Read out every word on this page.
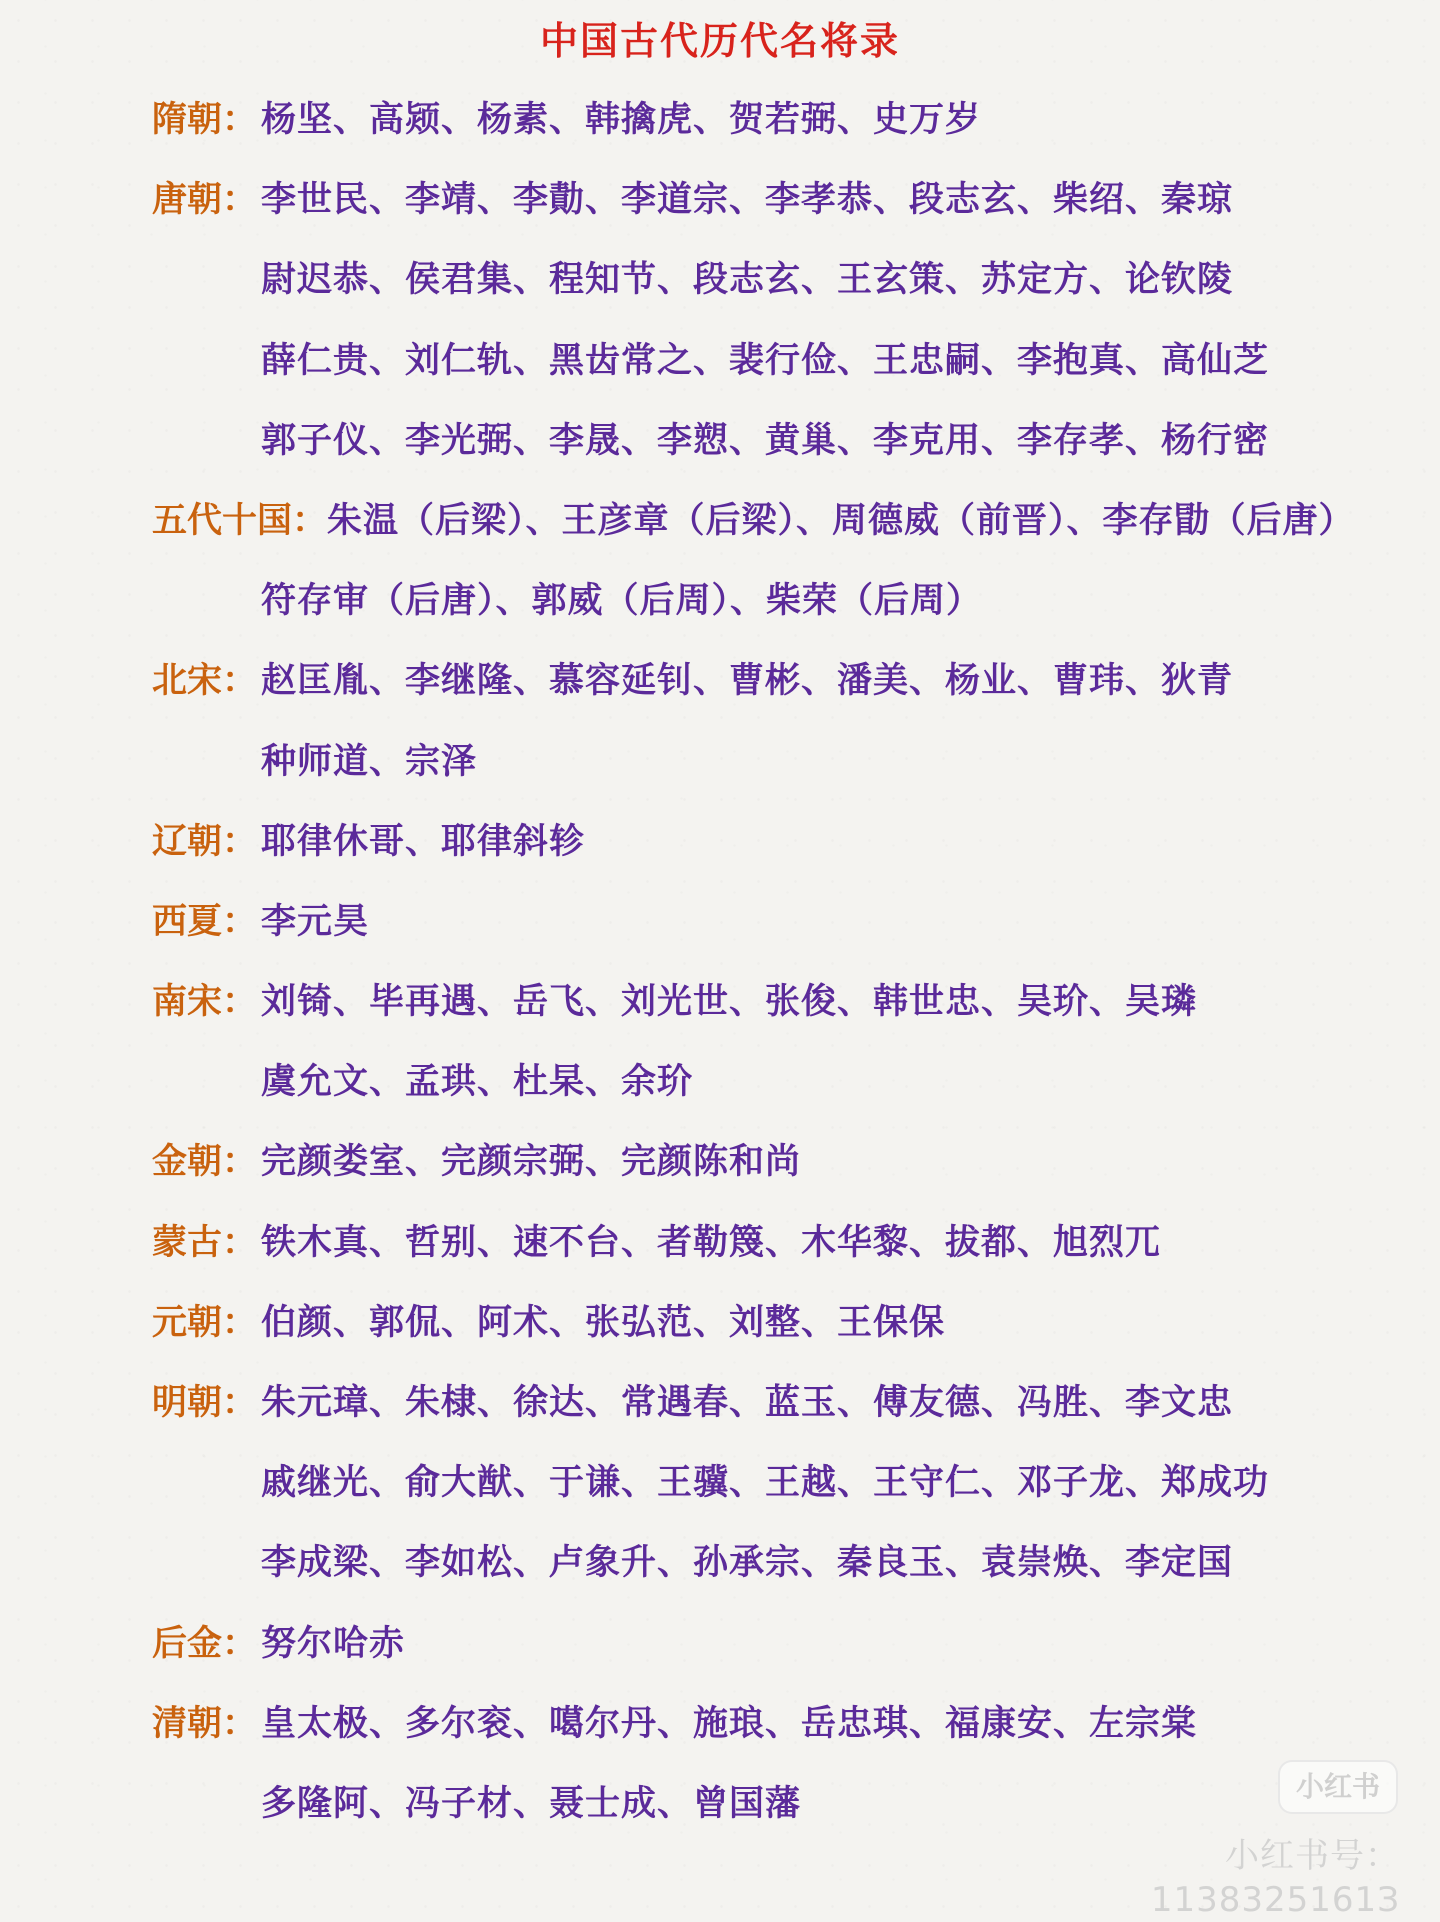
中国古代历代名将录
隋朝： 杨坚、高颎、杨素、韩擒虎、贺若弼、史万岁
唐朝： 李世民、李靖、李勣、李道宗、李孝恭、段志玄、柴绍、秦琼
尉迟恭、侯君集、程知节、段志玄、王玄策、苏定方、论钦陵
薛仁贵、刘仁轨、黑齿常之、裴行俭、王忠嗣、李抱真、高仙芝
郭子仪、李光弼、李晟、李愬、黄巢、李克用、李存孝、杨行密
五代十国：朱温（后梁）、王彦章（后梁）、周德威（前晋）、李存勖（后唐）
符存审（后唐）、郭威（后周）、柴荣（后周）
北宋： 赵匡胤、李继隆、慕容延钊、曹彬、潘美、杨业、曹玮、狄青
种师道、宗泽
辽朝： 耶律休哥、耶律斜轸
西夏： 李元昊
南宋： 刘锜、毕再遇、岳飞、刘光世、张俊、韩世忠、吴玠、吴璘
虞允文、孟珙、杜杲、余玠
金朝： 完颜娄室、完颜宗弼、完颜陈和尚
蒙古： 铁木真、哲别、速不台、者勒篾、木华黎、拔都、旭烈兀
元朝： 伯颜、郭侃、阿术、张弘范、刘整、王保保
明朝： 朱元璋、朱棣、徐达、常遇春、蓝玉、傅友德、冯胜、李文忠
戚继光、俞大猷、于谦、王骥、王越、王守仁、邓子龙、郑成功
李成梁、李如松、卢象升、孙承宗、秦良玉、袁崇焕、李定国
后金： 努尔哈赤
清朝： 皇太极、多尔衮、噶尔丹、施琅、岳忠琪、福康安、左宗棠
多隆阿、冯子材、聂士成、曾国藩	小红书
小红书号：1138325161З
